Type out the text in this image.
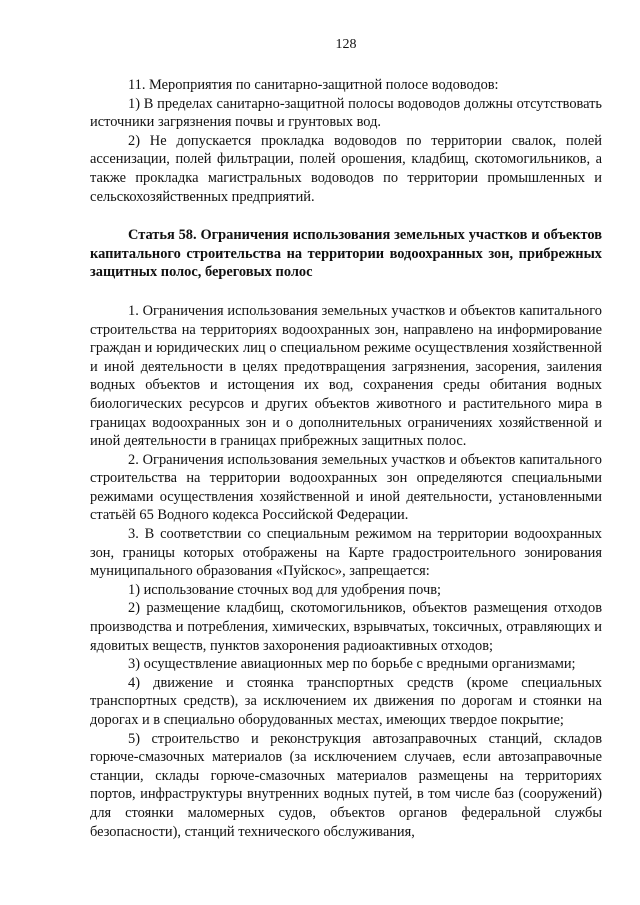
128

11. Мероприятия по санитарно-защитной полосе водоводов:

1) В пределах санитарно-защитной полосы водоводов должны отсутствовать источники загрязнения почвы и грунтовых вод.

2) Не допускается прокладка водоводов по территории свалок, полей ассенизации, полей фильтрации, полей орошения, кладбищ, скотомогильников, а также прокладка магистральных водоводов по территории промышленных и сельскохозяйственных предприятий.

Статья 58. Ограничения использования земельных участков и объектов капитального строительства на территории водоохранных зон, прибрежных защитных полос, береговых полос

1. Ограничения использования земельных участков и объектов капитального строительства на территориях водоохранных зон, направлено на информирование граждан и юридических лиц о специальном режиме осуществления хозяйственной и иной деятельности в целях предотвращения загрязнения, засорения, заиления водных объектов и истощения их вод, сохранения среды обитания водных биологических ресурсов и других объектов животного и растительного мира в границах водоохранных зон и о дополнительных ограничениях хозяйственной и иной деятельности в границах прибрежных защитных полос.

2. Ограничения использования земельных участков и объектов капитального строительства на территории водоохранных зон определяются специальными режимами осуществления хозяйственной и иной деятельности, установленными статьёй 65 Водного кодекса Российской Федерации.

3. В соответствии со специальным режимом на территории водоохранных зон, границы которых отображены на Карте градостроительного зонирования муниципального образования «Пуйскос», запрещается:

1) использование сточных вод для удобрения почв;

2) размещение кладбищ, скотомогильников, объектов размещения отходов производства и потребления, химических, взрывчатых, токсичных, отравляющих и ядовитых веществ, пунктов захоронения радиоактивных отходов;

3) осуществление авиационных мер по борьбе с вредными организмами;

4) движение и стоянка транспортных средств (кроме специальных транспортных средств), за исключением их движения по дорогам и стоянки на дорогах и в специально оборудованных местах, имеющих твердое покрытие;

5) строительство и реконструкция автозаправочных станций, складов горюче-смазочных материалов (за исключением случаев, если автозаправочные станции, склады горюче-смазочных материалов размещены на территориях портов, инфраструктуры внутренних водных путей, в том числе баз (сооружений) для стоянки маломерных судов, объектов органов федеральной службы безопасности), станций технического обслуживания,
